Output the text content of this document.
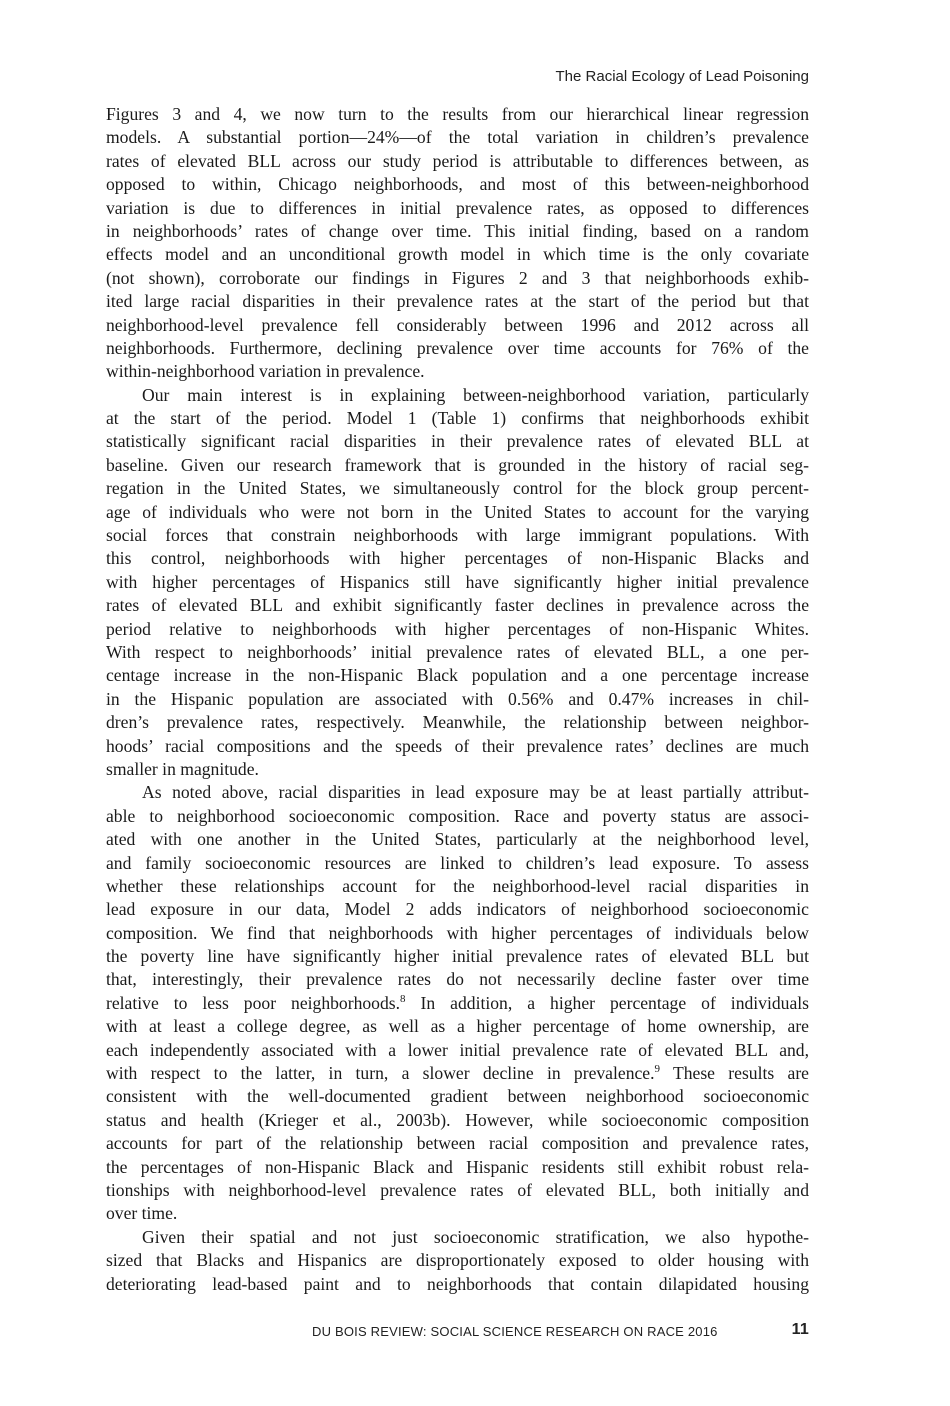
The Racial Ecology of Lead Poisoning
Figures 3 and 4, we now turn to the results from our hierarchical linear regression
models. A substantial portion—24%—of the total variation in children’s prevalence
rates of elevated BLL across our study period is attributable to differences between, as
opposed to within, Chicago neighborhoods, and most of this between-neighborhood
variation is due to differences in initial prevalence rates, as opposed to differences
in neighborhoods’ rates of change over time. This initial finding, based on a random
effects model and an unconditional growth model in which time is the only covariate
(not shown), corroborate our findings in Figures 2 and 3 that neighborhoods exhib-
ited large racial disparities in their prevalence rates at the start of the period but that
neighborhood-level prevalence fell considerably between 1996 and 2012 across all
neighborhoods. Furthermore, declining prevalence over time accounts for 76% of the
within-neighborhood variation in prevalence.
Our main interest is in explaining between-neighborhood variation, particularly
at the start of the period. Model 1 (Table 1) confirms that neighborhoods exhibit
statistically significant racial disparities in their prevalence rates of elevated BLL at
baseline. Given our research framework that is grounded in the history of racial seg-
regation in the United States, we simultaneously control for the block group percent-
age of individuals who were not born in the United States to account for the varying
social forces that constrain neighborhoods with large immigrant populations. With
this control, neighborhoods with higher percentages of non-Hispanic Blacks and
with higher percentages of Hispanics still have significantly higher initial prevalence
rates of elevated BLL and exhibit significantly faster declines in prevalence across the
period relative to neighborhoods with higher percentages of non-Hispanic Whites.
With respect to neighborhoods’ initial prevalence rates of elevated BLL, a one per-
centage increase in the non-Hispanic Black population and a one percentage increase
in the Hispanic population are associated with 0.56% and 0.47% increases in chil-
dren’s prevalence rates, respectively. Meanwhile, the relationship between neighbor-
hoods’ racial compositions and the speeds of their prevalence rates’ declines are much
smaller in magnitude.
As noted above, racial disparities in lead exposure may be at least partially attribut-
able to neighborhood socioeconomic composition. Race and poverty status are associ-
ated with one another in the United States, particularly at the neighborhood level,
and family socioeconomic resources are linked to children’s lead exposure. To assess
whether these relationships account for the neighborhood-level racial disparities in
lead exposure in our data, Model 2 adds indicators of neighborhood socioeconomic
composition. We find that neighborhoods with higher percentages of individuals below
the poverty line have significantly higher initial prevalence rates of elevated BLL but
that, interestingly, their prevalence rates do not necessarily decline faster over time
relative to less poor neighborhoods.$^8$ In addition, a higher percentage of individuals
with at least a college degree, as well as a higher percentage of home ownership, are
each independently associated with a lower initial prevalence rate of elevated BLL and,
with respect to the latter, in turn, a slower decline in prevalence.$^9$ These results are
consistent with the well-documented gradient between neighborhood socioeconomic
status and health (Krieger et al., 2003b). However, while socioeconomic composition
accounts for part of the relationship between racial composition and prevalence rates,
the percentages of non-Hispanic Black and Hispanic residents still exhibit robust rela-
tionships with neighborhood-level prevalence rates of elevated BLL, both initially and
over time.
Given their spatial and not just socioeconomic stratification, we also hypothe-
sized that Blacks and Hispanics are disproportionately exposed to older housing with
deteriorating lead-based paint and to neighborhoods that contain dilapidated housing
DU BOIS REVIEW: SOCIAL SCIENCE RESEARCH ON RACE 2016	11
